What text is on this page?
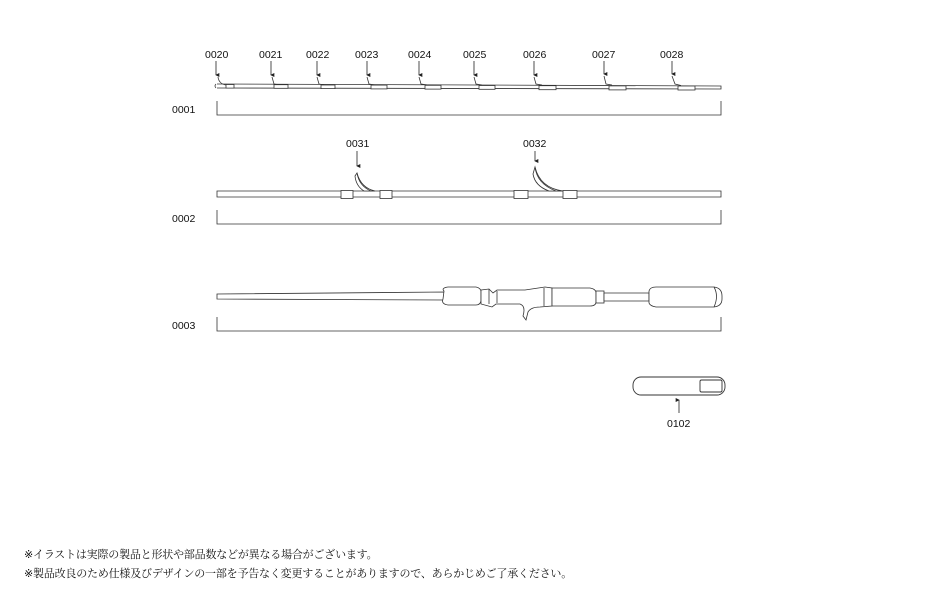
0001
0020	0021 0022 0023	0024	0025	0026	0027	0028
0002
0031	0032
0003
0102
※イラストは実際の製品と形状や部品数などが異なる場合がございます。
※製品改良のため仕様及びデザインの一部を予告なく変更することがありますので、あらかじめご了承ください。
